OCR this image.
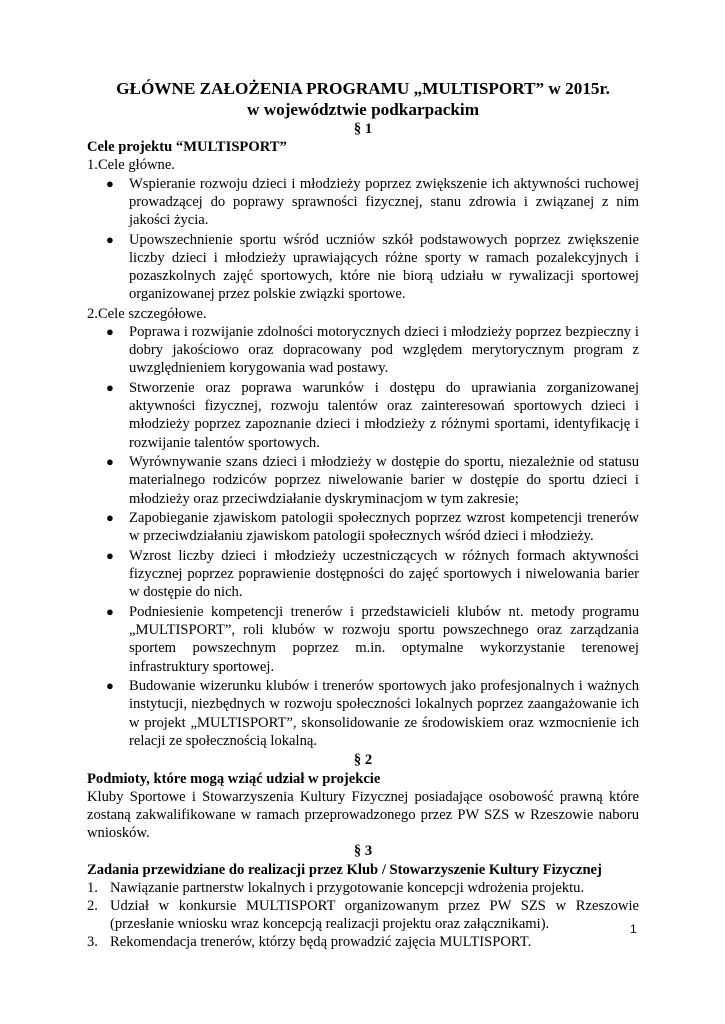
GŁÓWNE ZAŁOŻENIA PROGRAMU „MULTISPORT” w 2015r.

w województwie podkarpackim

§ 1

Cele projektu “MULTISPORT”

1.Cele główne.

● Wspieranie rozwoju dzieci i młodzieży poprzez zwiększenie ich aktywności ruchowej prowadzącej do poprawy sprawności fizycznej, stanu zdrowia i związanej z nim jakości życia.
● Upowszechnienie sportu wśród uczniów szkół podstawowych poprzez zwiększenie liczby dzieci i młodzieży uprawiających różne sporty w ramach pozalekcyjnych i pozaszkolnych zajęć sportowych, które nie biorą udziału w rywalizacji sportowej organizowanej przez polskie związki sportowe.

2.Cele szczegółowe.

● Poprawa i rozwijanie zdolności motorycznych dzieci i młodzieży poprzez bezpieczny i dobry jakościowo oraz dopracowany pod względem merytorycznym program z uwzględnieniem korygowania wad postawy.
● Stworzenie oraz poprawa warunków i dostępu do uprawiania zorganizowanej aktywności fizycznej, rozwoju talentów oraz zainteresowań sportowych dzieci i młodzieży poprzez zapoznanie dzieci i młodzieży z różnymi sportami, identyfikację i rozwijanie talentów sportowych.
● Wyrównywanie szans dzieci i młodzieży w dostępie do sportu, niezależnie od statusu materialnego rodziców poprzez niwelowanie barier w dostępie do sportu dzieci i młodzieży oraz przeciwdziałanie dyskryminacjom w tym zakresie;
● Zapobieganie zjawiskom patologii społecznych poprzez wzrost kompetencji trenerów w przeciwdziałaniu zjawiskom patologii społecznych wśród dzieci i młodzieży.
● Wzrost liczby dzieci i młodzieży uczestniczących w różnych formach aktywności fizycznej poprzez poprawienie dostępności do zajęć sportowych i niwelowania barier w dostępie do nich.
● Podniesienie kompetencji trenerów i przedstawicieli klubów nt. metody programu „MULTISPORT”, roli klubów w rozwoju sportu powszechnego oraz zarządzania sportem powszechnym poprzez m.in. optymalne wykorzystanie terenowej infrastruktury sportowej.
● Budowanie wizerunku klubów i trenerów sportowych jako profesjonalnych i ważnych instytucji, niezbędnych w rozwoju społeczności lokalnych poprzez zaangażowanie ich w projekt „MULTISPORT”, skonsolidowanie ze środowiskiem oraz wzmocnienie ich relacji ze społecznością lokalną.

§ 2

Podmioty, które mogą wziąć udział w projekcie

Kluby Sportowe i Stowarzyszenia Kultury Fizycznej posiadające osobowość prawną które zostaną zakwalifikowane w ramach przeprowadzonego przez PW SZS w Rzeszowie naboru wniosków.

§ 3

Zadania przewidziane do realizacji przez Klub / Stowarzyszenie Kultury Fizycznej

1. Nawiązanie partnerstw lokalnych i przygotowanie koncepcji wdrożenia projektu.
2. Udział w konkursie MULTISPORT organizowanym przez PW SZS w Rzeszowie (przesłanie wniosku wraz koncepcją realizacji projektu oraz załącznikami).
3. Rekomendacja trenerów, którzy będą prowadzić zajęcia MULTISPORT.
1
